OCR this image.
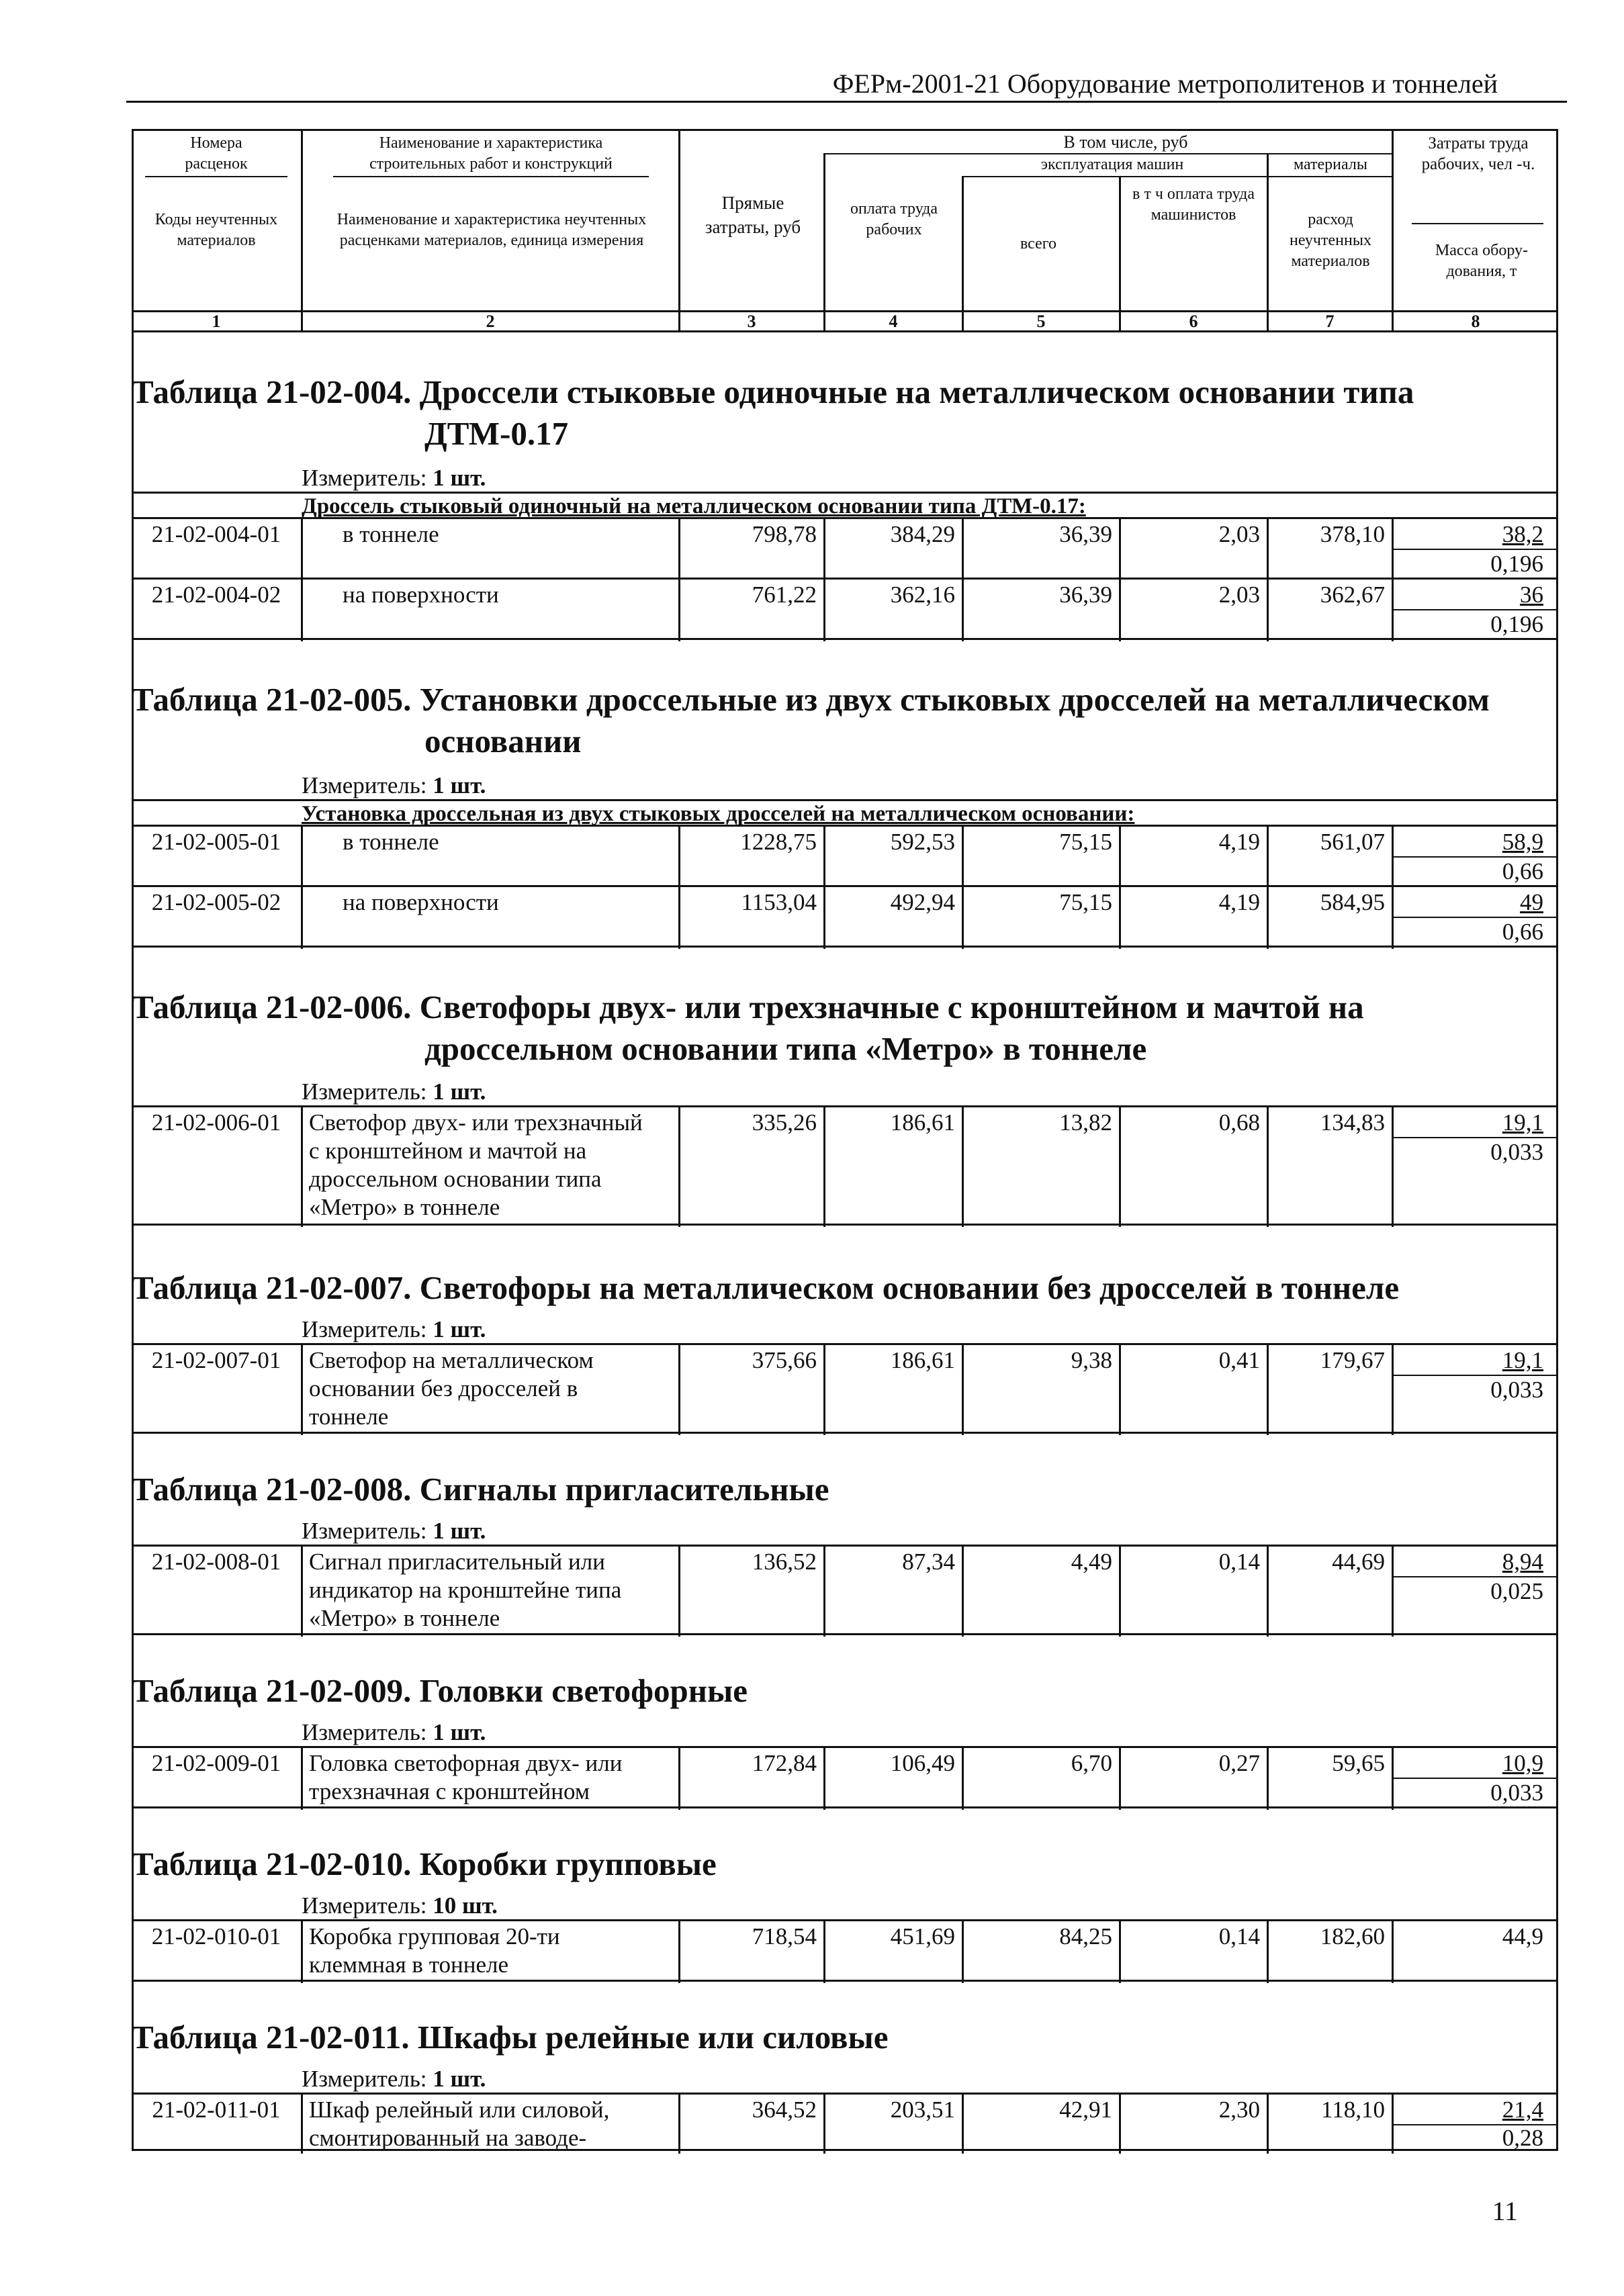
ФЕРм-2001-21 Оборудование метрополитенов и тоннелей
Номера расценок
Коды неучтенных материалов
Наименование и характеристика строительных работ и конструкций
Наименование и характеристика неучтенных расценками материалов, единица измерения
Прямые затраты, руб
В том числе, руб
эксплуатация машин	материалы
оплата труда рабочих
всего
в т ч оплата труда машинистов	расход неучтенных материалов
Затраты труда рабочих, чел -ч.
Масса обору-дования, т
1	2	3	4	5	6	7	8
Таблица 21-02-004. Дроссели стыковые одиночные на металлическом основании типа
ДТМ-0.17
Измеритель: 1 шт.
Дроссель стыковый одиночный на металлическом основании типа ДТМ-0.17:
21-02-004-01	в тоннеле	798,78	384,29	36,39	2,03	378,10	38,2
0,196
21-02-004-02	на поверхности	761,22	362,16	36,39	2,03	362,67	36
0,196
Таблица 21-02-005. Установки дроссельные из двух стыковых дросселей на металлическом
основании
Измеритель: 1 шт.
Установка дроссельная из двух стыковых дросселей на металлическом основании:
21-02-005-01	в тоннеле	1228,75	592,53	75,15	4,19	561,07	58,9
0,66
21-02-005-02	на поверхности	1153,04	492,94	75,15	4,19	584,95	49
0,66
Таблица 21-02-006. Светофоры двух- или трехзначные с кронштейном и мачтой на
дроссельном основании типа «Метро» в тоннеле
Измеритель: 1 шт.
21-02-006-01	Светофор двух- или трехзначный
с кронштейном и мачтой на
дроссельном основании типа
«Метро» в тоннеле
335,26	186,61	13,82	0,68	134,83	19,1
0,033
Таблица 21-02-007. Светофоры на металлическом основании без дросселей в тоннеле
Измеритель: 1 шт.
21-02-007-01	Светофор на металлическом
основании без дросселей в
тоннеле
375,66	186,61	9,38	0,41	179,67	19,1
0,033
Таблица 21-02-008. Сигналы пригласительные
Измеритель: 1 шт.
21-02-008-01	Сигнал пригласительный или
индикатор на кронштейне типа
«Метро» в тоннеле
136,52	87,34	4,49	0,14	44,69	8,94
0,025
Таблица 21-02-009. Головки светофорные
Измеритель: 1 шт.
21-02-009-01	Головка светофорная двух- или
трехзначная с кронштейном
172,84	106,49	6,70	0,27	59,65	10,9
0,033
Таблица 21-02-010. Коробки групповые
Измеритель: 10 шт.
21-02-010-01	Коробка групповая 20-ти
клеммная в тоннеле
718,54	451,69	84,25	0,14	182,60	44,9
Таблица 21-02-011. Шкафы релейные или силовые
Измеритель: 1 шт.
21-02-011-01	Шкаф релейный или силовой,
смонтированный на заводе-
364,52	203,51	42,91	2,30	118,10	21,4
0,28
11
